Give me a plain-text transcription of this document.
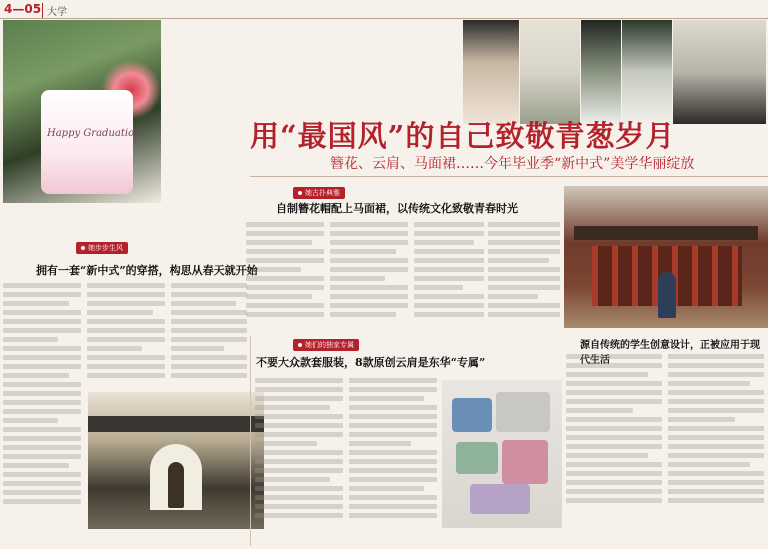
4—05 大学
Happy Graduation	用“最国风”的自己致敬青葱岁月
簪花、云肩、马面裙……今年毕业季“新中式”美学华丽绽放
她古扑典雅
自制簪花帽配上马面裙，以传统文化致敬青春时光
她步步生风
拥有一套“新中式”的穿搭，构思从春天就开始
她们的独家专属
不要大众款套服装，8款原创云肩是东华“专属”
源自传统的学生创意设计，正被应用于现代生活
